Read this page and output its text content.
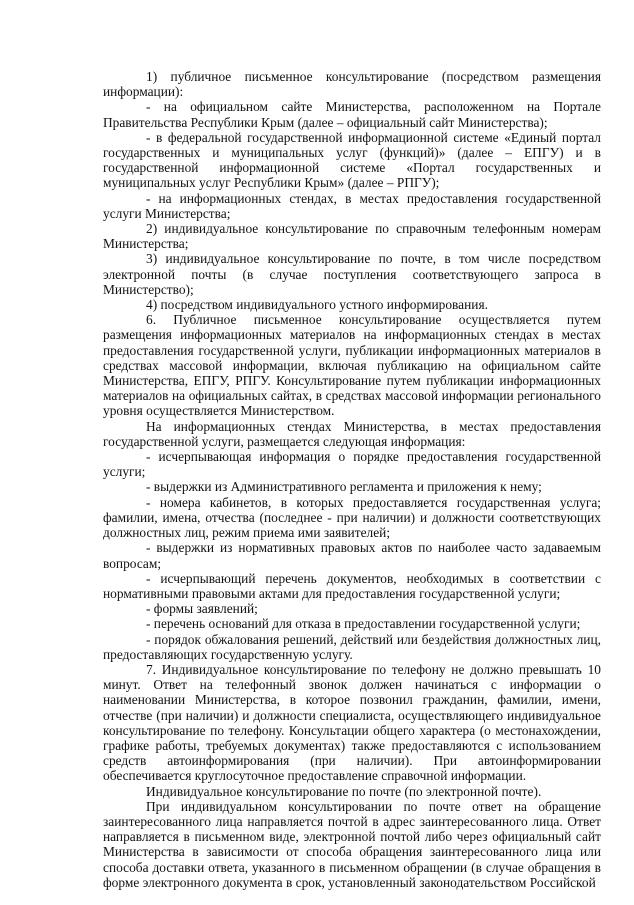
1) публичное письменное консультирование (посредством размещения информации):

- на официальном сайте Министерства, расположенном на Портале Правительства Республики Крым (далее – официальный сайт Министерства);

- в федеральной государственной информационной системе «Единый портал государственных и муниципальных услуг (функций)» (далее – ЕПГУ) и в государственной информационной системе «Портал государственных и муниципальных услуг Республики Крым» (далее – РПГУ);

- на информационных стендах, в местах предоставления государственной услуги Министерства;

2) индивидуальное консультирование по справочным телефонным номерам Министерства;

3) индивидуальное консультирование по почте, в том числе посредством электронной почты (в случае поступления соответствующего запроса в Министерство);

4) посредством индивидуального устного информирования.

6. Публичное письменное консультирование осуществляется путем размещения информационных материалов на информационных стендах в местах предоставления государственной услуги, публикации информационных материалов в средствах массовой информации, включая публикацию на официальном сайте Министерства, ЕПГУ, РПГУ. Консультирование путем публикации информационных материалов на официальных сайтах, в средствах массовой информации регионального уровня осуществляется Министерством.

На информационных стендах Министерства, в местах предоставления государственной услуги, размещается следующая информация:

- исчерпывающая информация о порядке предоставления государственной услуги;

- выдержки из Административного регламента и приложения к нему;

- номера кабинетов, в которых предоставляется государственная услуга; фамилии, имена, отчества (последнее - при наличии) и должности соответствующих должностных лиц, режим приема ими заявителей;

- выдержки из нормативных правовых актов по наиболее часто задаваемым вопросам;

- исчерпывающий перечень документов, необходимых в соответствии с нормативными правовыми актами для предоставления государственной услуги;

- формы заявлений;

- перечень оснований для отказа в предоставлении государственной услуги;

- порядок обжалования решений, действий или бездействия должностных лиц, предоставляющих государственную услугу.

7. Индивидуальное консультирование по телефону не должно превышать 10 минут. Ответ на телефонный звонок должен начинаться с информации о наименовании Министерства, в которое позвонил гражданин, фамилии, имени, отчестве (при наличии) и должности специалиста, осуществляющего индивидуальное консультирование по телефону. Консультации общего характера (о местонахождении, графике работы, требуемых документах) также предоставляются с использованием средств автоинформирования (при наличии). При автоинформировании обеспечивается круглосуточное предоставление справочной информации.

Индивидуальное консультирование по почте (по электронной почте).

При индивидуальном консультировании по почте ответ на обращение заинтересованного лица направляется почтой в адрес заинтересованного лица. Ответ направляется в письменном виде, электронной почтой либо через официальный сайт Министерства в зависимости от способа обращения заинтересованного лица или способа доставки ответа, указанного в письменном обращении (в случае обращения в форме электронного документа в срок, установленный законодательством Российской
